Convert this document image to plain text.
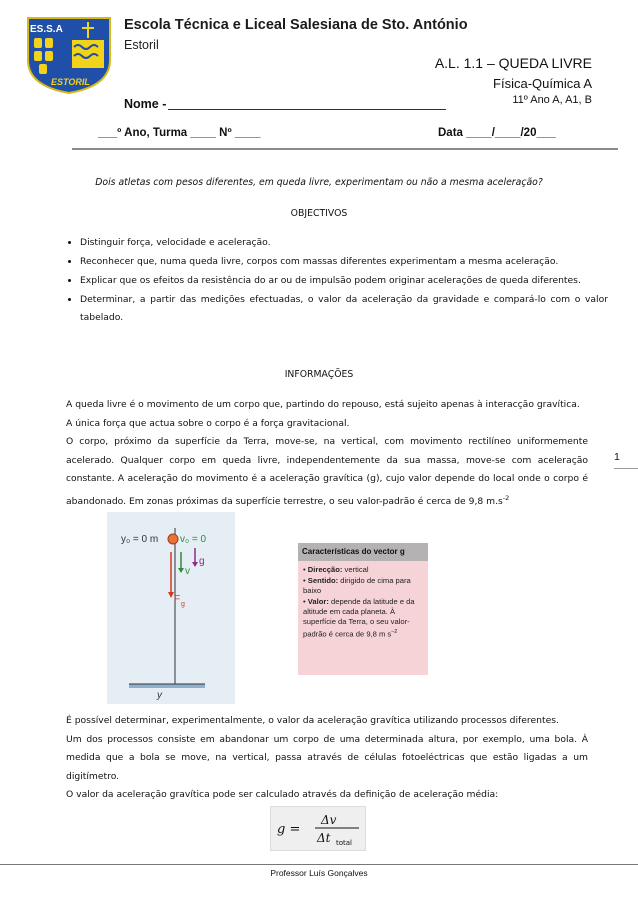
ES.S.A
ESTORIL
Escola Técnica e Liceal Salesiana de Sto. António
Estoril
A.L. 1.1 – QUEDA LIVRE
Física-Química A
11º Ano A, A1, B
Nome -
___º Ano, Turma ____ Nº ____	Data ____/____/20___
Dois atletas com pesos diferentes, em queda livre, experimentam ou não a mesma aceleração?
OBJECTIVOS
• Distinguir força, velocidade e aceleração.
• Reconhecer que, numa queda livre, corpos com massas diferentes experimentam a mesma aceleração.
• Explicar que os efeitos da resistência do ar ou de impulsão podem originar acelerações de queda diferentes.
• Determinar, a partir das medições efectuadas, o valor da aceleração da gravidade e compará-lo com o valor tabelado.
INFORMAÇÕES

A queda livre é o movimento de um corpo que, partindo do repouso, está sujeito apenas à interacção gravítica.

A única força que actua sobre o corpo é a força gravitacional.

O corpo, próximo da superfície da Terra, move-se, na vertical, com movimento rectilíneo uniformemente acelerado. Qualquer corpo em queda livre, independentemente da sua massa, move-se com aceleração constante. A aceleração do movimento é a aceleração gravítica (g), cujo valor depende do local onde o corpo é abandonado. Em zonas próximas da superfície terrestre, o seu valor-padrão é cerca de 9,8 $m.s^{-2}$

1
y₀ = 0 m v₀ = 0
g
v
F g
y
Características do vector g
• Direcção: vertical
• Sentido: dirigido de cima para baixo
• Valor: depende da latitude e da altitude em cada planeta. À superfície da Terra, o seu valor-padrão é cerca de 9,8 m $s^{-2}$

É possível determinar, experimentalmente, o valor da aceleração gravítica utilizando processos diferentes.

Um dos processos consiste em abandonar um corpo de uma determinada altura, por exemplo, uma bola. À medida que a bola se move, na vertical, passa através de células fotoeléctricas que estão ligadas a um digitímetro.

O valor da aceleração gravítica pode ser calculado através da definição de aceleração média:

g =
Δv
Δt total
Professor Luís Gonçalves
